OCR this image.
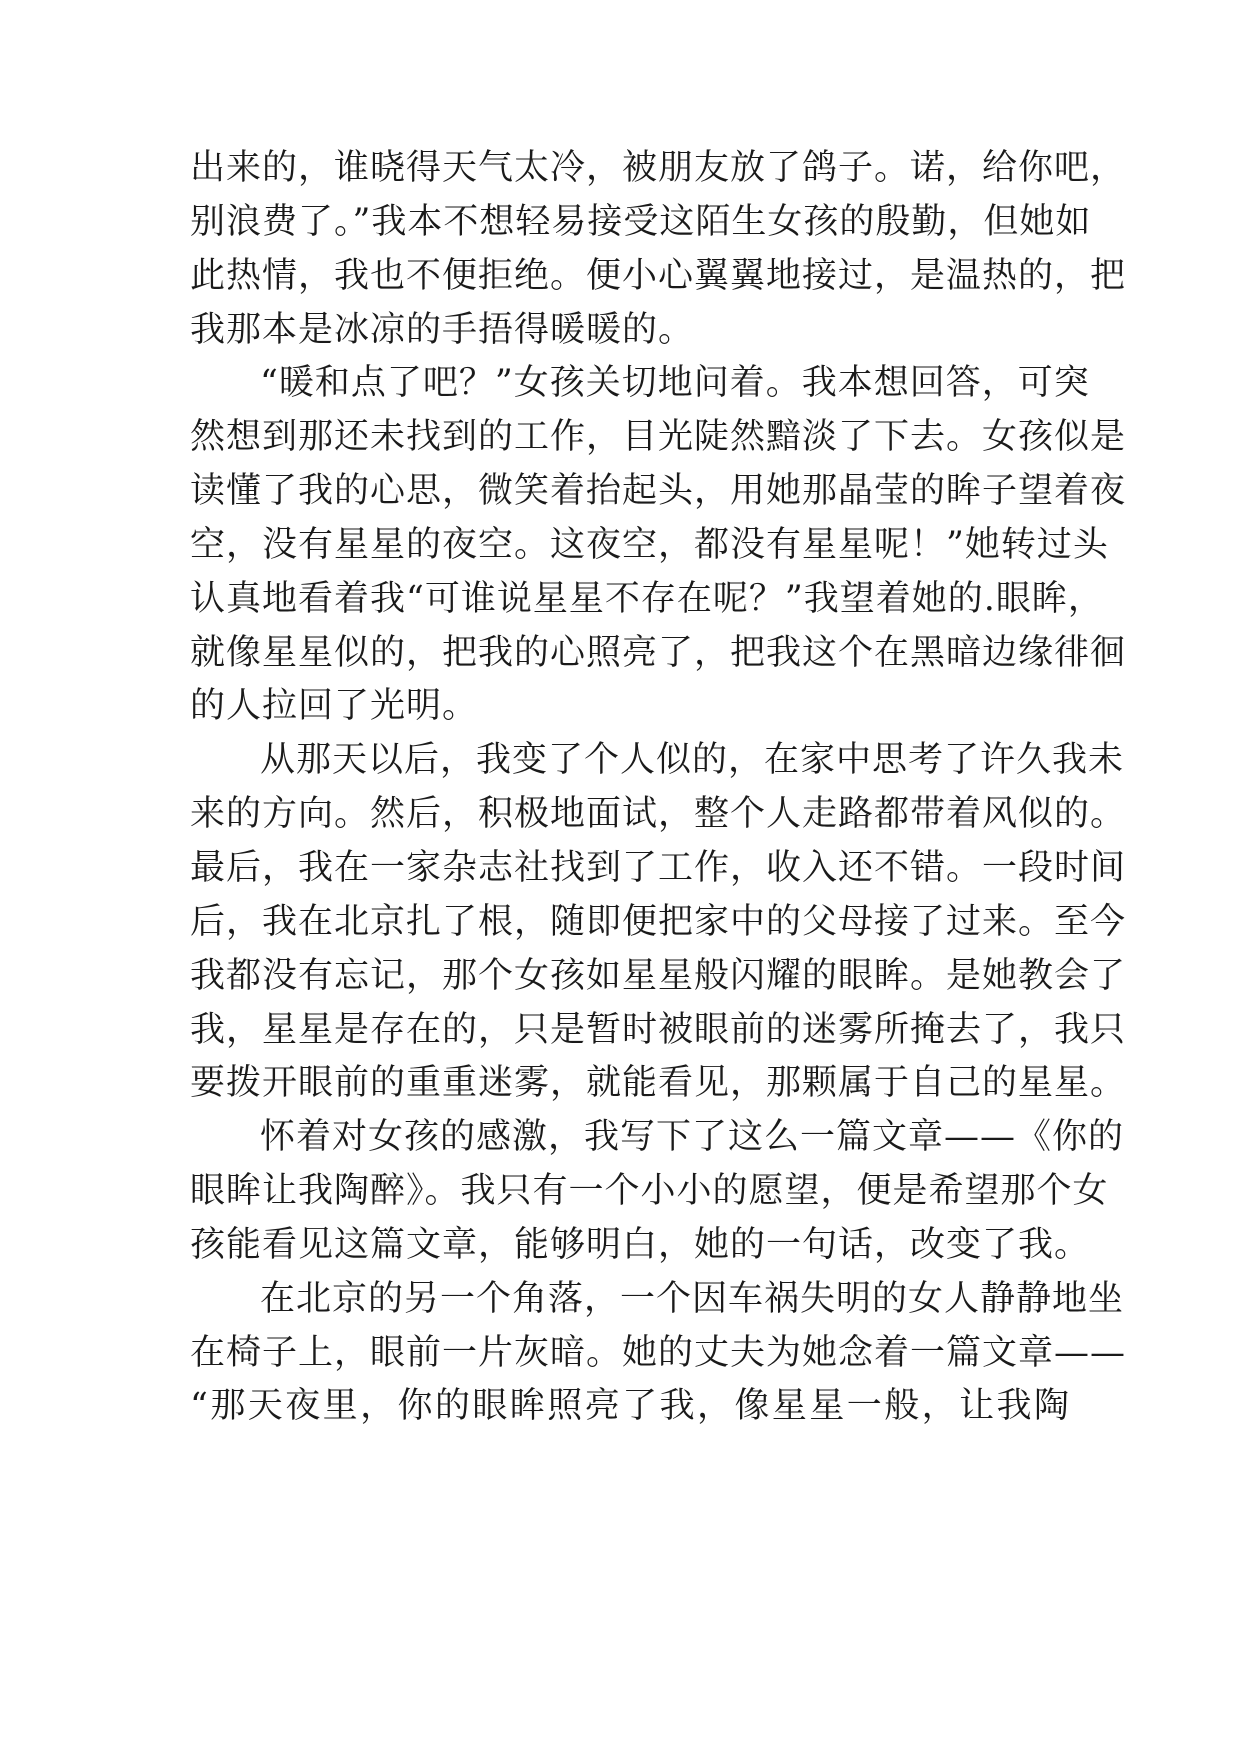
出来的，谁晓得天气太冷，被朋友放了鸽子。诺，给你吧，
别浪费了。”我本不想轻易接受这陌生女孩的殷勤，但她如
此热情，我也不便拒绝。便小心翼翼地接过，是温热的，把
我那本是冰凉的手捂得暖暖的。
“暖和点了吧？”女孩关切地问着。我本想回答，可突
然想到那还未找到的工作，目光陡然黯淡了下去。女孩似是
读懂了我的心思，微笑着抬起头，用她那晶莹的眸子望着夜
空，没有星星的夜空。这夜空，都没有星星呢！”她转过头
认真地看着我“可谁说星星不存在呢？”我望着她的.眼眸，
就像星星似的，把我的心照亮了，把我这个在黑暗边缘徘徊
的人拉回了光明。
从那天以后，我变了个人似的，在家中思考了许久我未
来的方向。然后，积极地面试，整个人走路都带着风似的。
最后，我在一家杂志社找到了工作，收入还不错。一段时间
后，我在北京扎了根，随即便把家中的父母接了过来。至今
我都没有忘记，那个女孩如星星般闪耀的眼眸。是她教会了
我，星星是存在的，只是暂时被眼前的迷雾所掩去了，我只
要拨开眼前的重重迷雾，就能看见，那颗属于自己的星星。
怀着对女孩的感激，我写下了这么一篇文章——《你的
眼眸让我陶醉》。我只有一个小小的愿望，便是希望那个女
孩能看见这篇文章，能够明白，她的一句话，改变了我。
在北京的另一个角落，一个因车祸失明的女人静静地坐
在椅子上，眼前一片灰暗。她的丈夫为她念着一篇文章——
“那天夜里，你的眼眸照亮了我，像星星一般，让我陶
